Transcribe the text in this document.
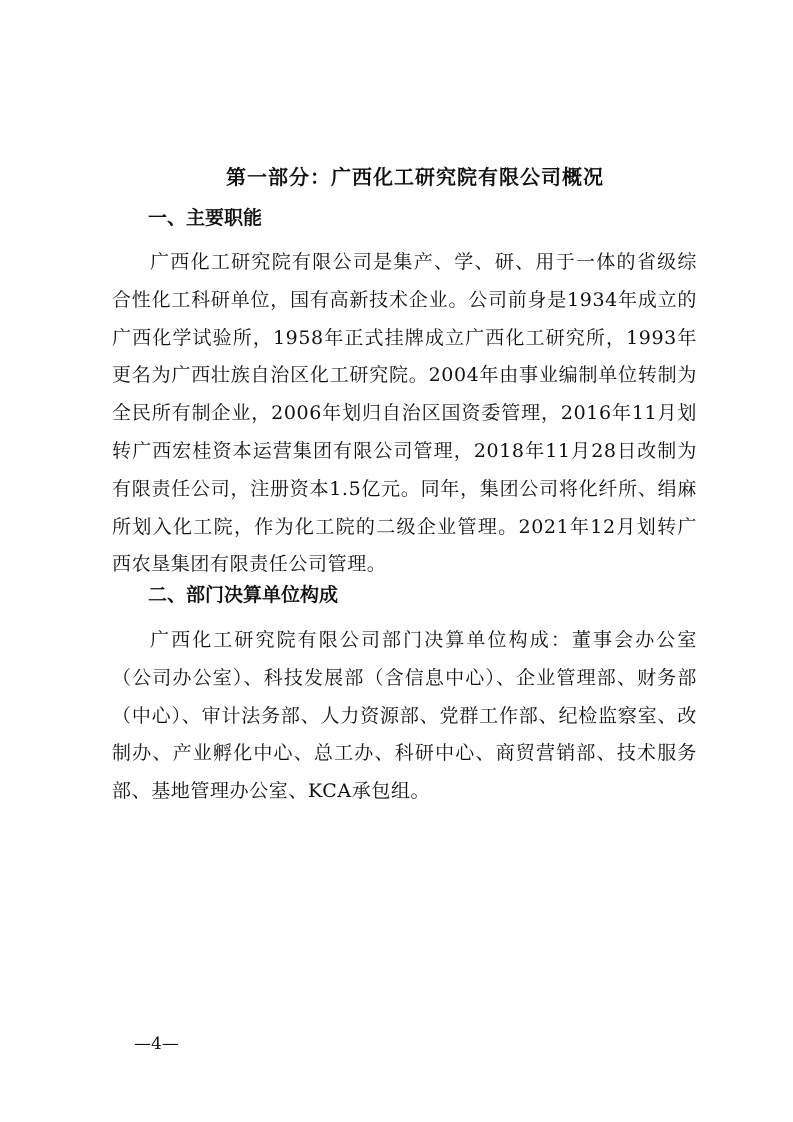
第一部分：广西化工研究院有限公司概况
一、主要职能

广西化工研究院有限公司是集产、学、研、用于一体的省级综合性化工科研单位，国有高新技术企业。公司前身是1934年成立的广西化学试验所，1958年正式挂牌成立广西化工研究所，1993年更名为广西壮族自治区化工研究院。2004年由事业编制单位转制为全民所有制企业，2006年划归自治区国资委管理，2016年11月划转广西宏桂资本运营集团有限公司管理，2018年11月28日改制为有限责任公司，注册资本1.5亿元。同年，集团公司将化纤所、绢麻所划入化工院，作为化工院的二级企业管理。2021年12月划转广西农垦集团有限责任公司管理。

二、部门决算单位构成

广西化工研究院有限公司部门决算单位构成：董事会办公室（公司办公室）、科技发展部（含信息中心）、企业管理部、财务部（中心）、审计法务部、人力资源部、党群工作部、纪检监察室、改制办、产业孵化中心、总工办、科研中心、商贸营销部、技术服务部、基地管理办公室、KCA承包组。

—4—
